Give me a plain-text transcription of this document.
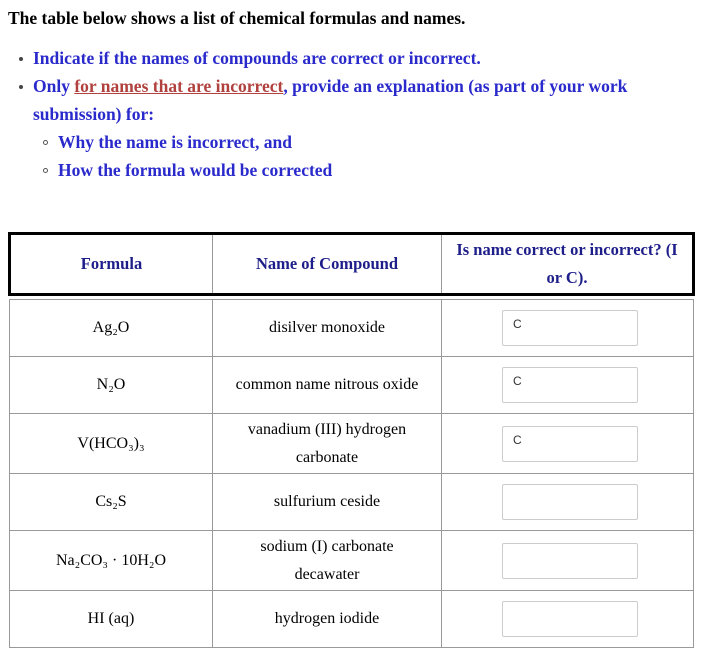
The table below shows a list of chemical formulas and names.
Indicate if the names of compounds are correct or incorrect.
Only for names that are incorrect, provide an explanation (as part of your work
submission) for:
Why the name is incorrect, and
How the formula would be corrected
Formula	Name of Compound	Is name correct or incorrect? (I
or C).

Ag₂O	disilver monoxide	C

N₂O	common name nitrous oxide	C

V(HCO₃)₃	vanadium (III) hydrogen
carbonate	C

Cs₂S	sulfurium ceside	

Na₂CO₃ · 10H₂O	sodium (I) carbonate
decawater	

HI (aq)	hydrogen iodide	
